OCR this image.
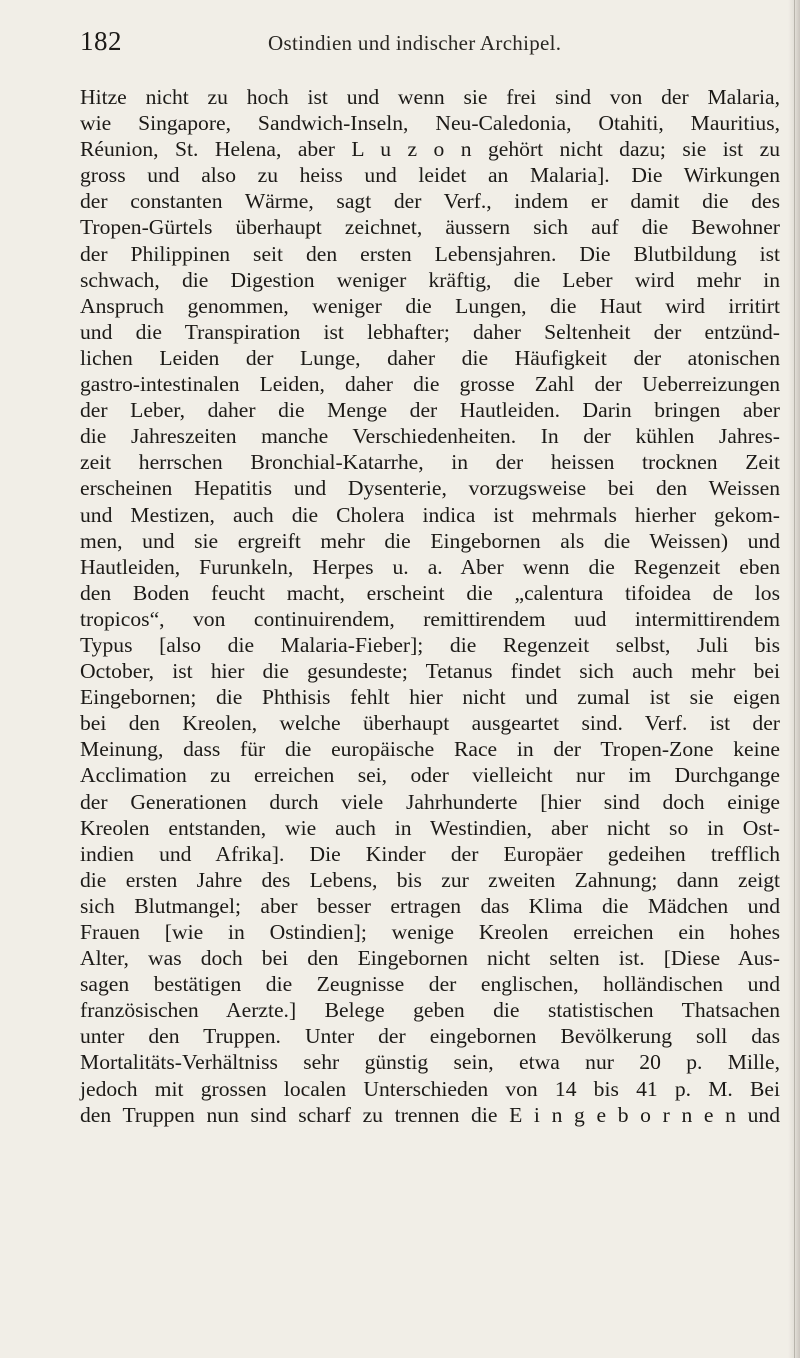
182	Ostindien und indischer Archipel.
Hitze nicht zu hoch ist und wenn sie frei sind von der Malaria,
wie Singapore, Sandwich-Inseln, Neu-Caledonia, Otahiti, Mauritius,
Réunion, St. Helena, aber L u z o n gehört nicht dazu; sie ist zu
gross und also zu heiss und leidet an Malaria]. Die Wirkungen
der constanten Wärme, sagt der Verf., indem er damit die des
Tropen-Gürtels überhaupt zeichnet, äussern sich auf die Bewohner
der Philippinen seit den ersten Lebensjahren. Die Blutbildung ist
schwach, die Digestion weniger kräftig, die Leber wird mehr in
Anspruch genommen, weniger die Lungen, die Haut wird irritirt
und die Transpiration ist lebhafter; daher Seltenheit der entzünd-
lichen Leiden der Lunge, daher die Häufigkeit der atonischen
gastro-intestinalen Leiden, daher die grosse Zahl der Ueberreizungen
der Leber, daher die Menge der Hautleiden. Darin bringen aber
die Jahreszeiten manche Verschiedenheiten. In der kühlen Jahres-
zeit herrschen Bronchial-Katarrhe, in der heissen trocknen Zeit
erscheinen Hepatitis und Dysenterie, vorzugsweise bei den Weissen
und Mestizen, auch die Cholera indica ist mehrmals hierher gekom-
men, und sie ergreift mehr die Eingebornen als die Weissen) und
Hautleiden, Furunkeln, Herpes u. a. Aber wenn die Regenzeit eben
den Boden feucht macht, erscheint die „calentura tifoidea de los
tropicos“, von continuirendem, remittirendem uud intermittirendem
Typus [also die Malaria-Fieber]; die Regenzeit selbst, Juli bis
October, ist hier die gesundeste; Tetanus findet sich auch mehr bei
Eingebornen; die Phthisis fehlt hier nicht und zumal ist sie eigen
bei den Kreolen, welche überhaupt ausgeartet sind. Verf. ist der
Meinung, dass für die europäische Race in der Tropen-Zone keine
Acclimation zu erreichen sei, oder vielleicht nur im Durchgange
der Generationen durch viele Jahrhunderte [hier sind doch einige
Kreolen entstanden, wie auch in Westindien, aber nicht so in Ost-
indien und Afrika]. Die Kinder der Europäer gedeihen trefflich
die ersten Jahre des Lebens, bis zur zweiten Zahnung; dann zeigt
sich Blutmangel; aber besser ertragen das Klima die Mädchen und
Frauen [wie in Ostindien]; wenige Kreolen erreichen ein hohes
Alter, was doch bei den Eingebornen nicht selten ist. [Diese Aus-
sagen bestätigen die Zeugnisse der englischen, holländischen und
französischen Aerzte.] Belege geben die statistischen Thatsachen
unter den Truppen. Unter der eingebornen Bevölkerung soll das
Mortalitäts-Verhältniss sehr günstig sein, etwa nur 20 p. Mille,
jedoch mit grossen localen Unterschieden von 14 bis 41 p. M. Bei
den Truppen nun sind scharf zu trennen die E i n g e b o r n e n und
